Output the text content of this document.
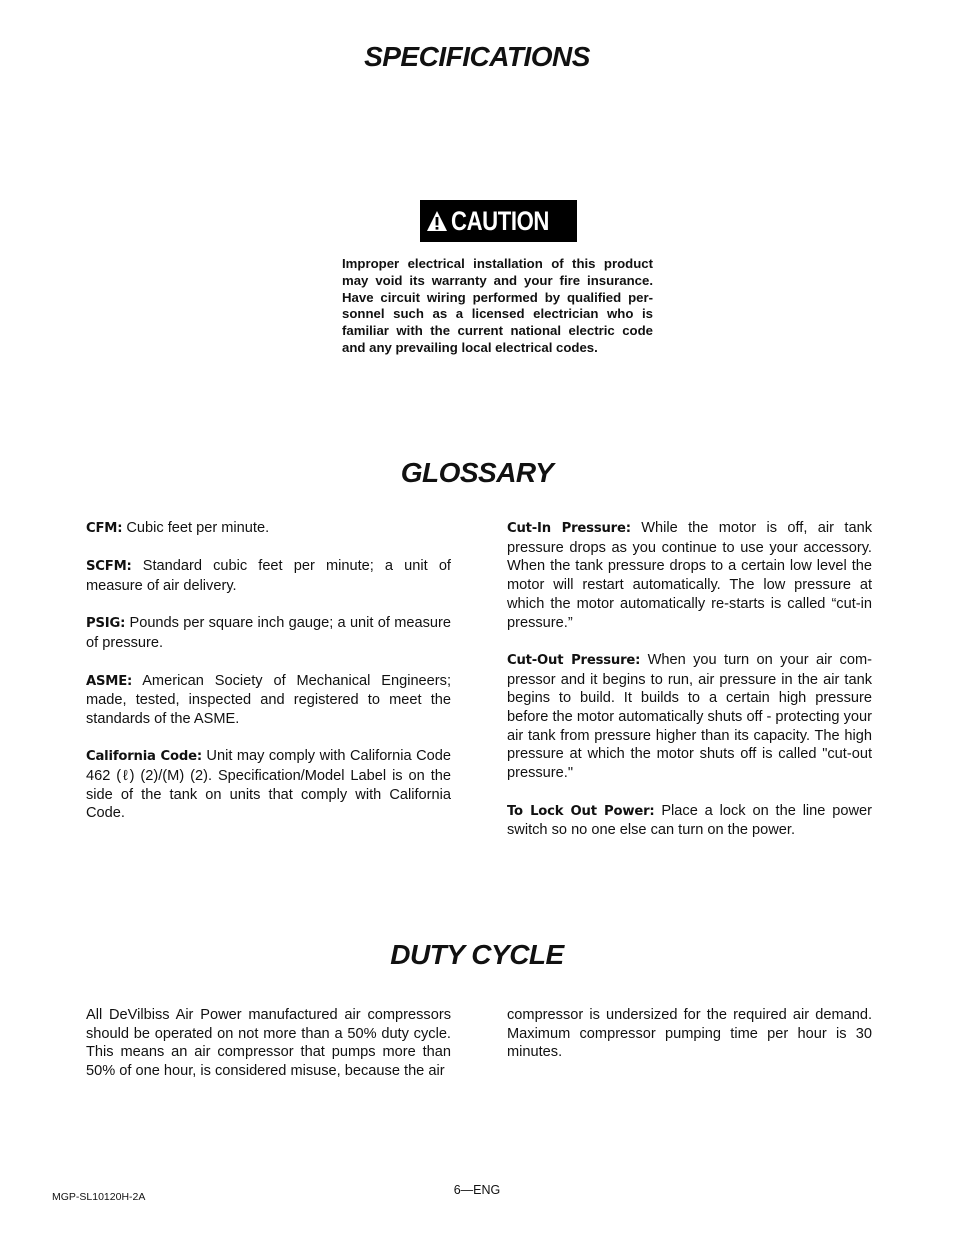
SPECIFICATIONS
CAUTION

Improper electrical installation of this product may void its warranty and your fire insurance. Have circuit wiring performed by qualified per-sonnel such as a licensed electrician who is familiar with the current national electric code and any prevailing local electrical codes.

GLOSSARY

CFM: Cubic feet per minute.

SCFM: Standard cubic feet per minute; a unit of measure of air delivery.

PSIG: Pounds per square inch gauge; a unit of measure of pressure.

ASME: American Society of Mechanical Engineers; made, tested, inspected and registered to meet the standards of the ASME.

California Code: Unit may comply with California Code 462 (ℓ) (2)/(M) (2). Specification/Model Label is on the side of the tank on units that comply with California Code.

Cut-In Pressure: While the motor is off, air tank pressure drops as you continue to use your accessory. When the tank pressure drops to a certain low level the motor will restart automatically. The low pressure at which the motor automatically re-starts is called “cut-in pressure.”

Cut-Out Pressure: When you turn on your air com-pressor and it begins to run, air pressure in the air tank begins to build. It builds to a certain high pressure before the motor automatically shuts off - protecting your air tank from pressure higher than its capacity. The high pressure at which the motor shuts off is called "cut-out pressure."

To Lock Out Power: Place a lock on the line power switch so no one else can turn on the power.

DUTY CYCLE

All DeVilbiss Air Power manufactured air compressors should be operated on not more than a 50% duty cycle. This means an air compressor that pumps more than 50% of one hour, is considered misuse, because the air

compressor is undersized for the required air demand. Maximum compressor pumping time per hour is 30 minutes.

MGP-SL10120H-2A	6—ENG
